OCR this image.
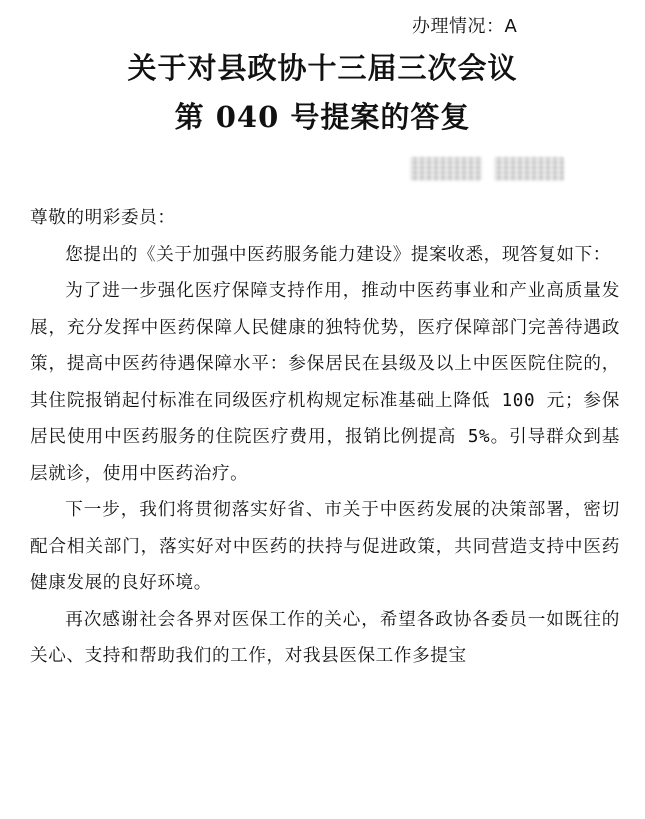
办理情况：A
关于对县政协十三届三次会议
第 040 号提案的答复

尊敬的明彩委员：

您提出的《关于加强中医药服务能力建设》提案收悉，现答复如下：

为了进一步强化医疗保障支持作用，推动中医药事业和产业高质量发展，充分发挥中医药保障人民健康的独特优势，医疗保障部门完善待遇政策，提高中医药待遇保障水平：参保居民在县级及以上中医医院住院的，其住院报销起付标准在同级医疗机构规定标准基础上降低 100 元；参保居民使用中医药服务的住院医疗费用，报销比例提高 5%。引导群众到基层就诊，使用中医药治疗。

下一步，我们将贯彻落实好省、市关于中医药发展的决策部署，密切配合相关部门，落实好对中医药的扶持与促进政策，共同营造支持中医药健康发展的良好环境。

再次感谢社会各界对医保工作的关心，希望各政协各委员一如既往的关心、支持和帮助我们的工作，对我县医保工作多提宝
